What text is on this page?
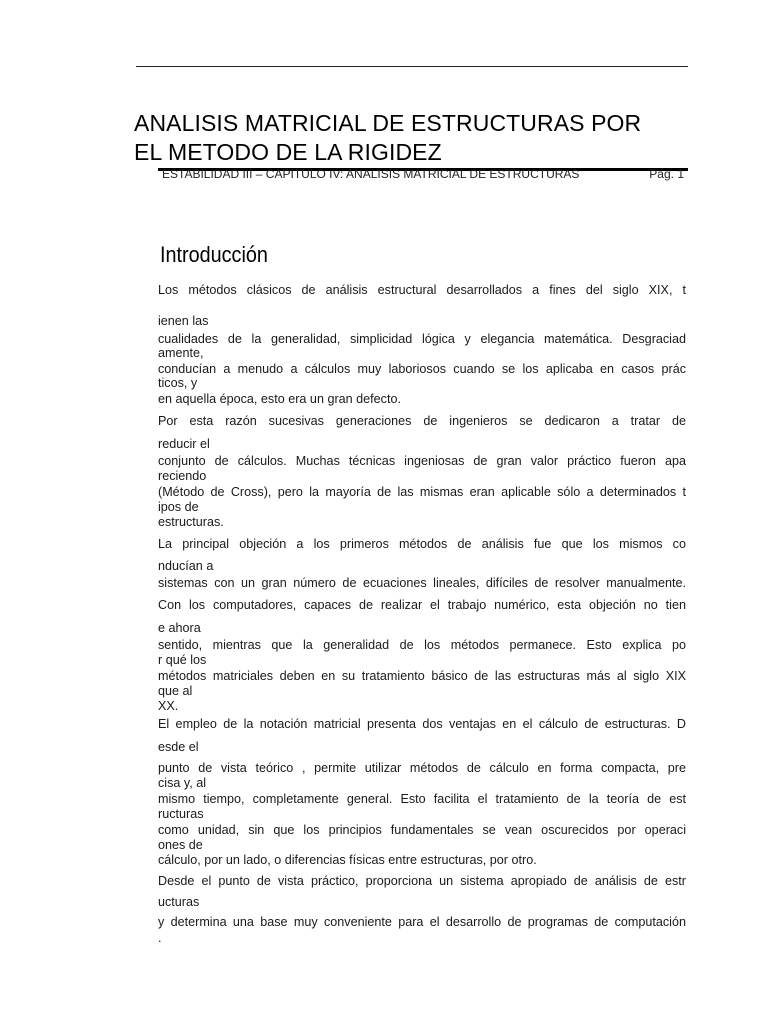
ANALISIS MATRICIAL DE ESTRUCTURAS POR
EL METODO DE LA RIGIDEZ
ESTABILIDAD III – CAPITULO IV: ANALISIS MATRICIAL DE ESTRUCTURAS	Pág. 1
Introducción
Los métodos clásicos de análisis estructural desarrollados a fines del siglo XIX, t
ienen las
cualidades de la generalidad, simplicidad lógica y elegancia matemática. Desgraciad
amente,
conducían a menudo a cálculos muy laboriosos cuando se los aplicaba en casos prác
ticos, y
en aquella época, esto era un gran defecto.
Por esta razón sucesivas generaciones de ingenieros se dedicaron a tratar de
reducir el
conjunto de cálculos. Muchas técnicas ingeniosas de gran valor práctico fueron apa
reciendo
(Método de Cross), pero la mayoría de las mismas eran aplicable sólo a determinados t
ipos de
estructuras.
La principal objeción a los primeros métodos de análisis fue que los mismos co
nducían a
sistemas con un gran número de ecuaciones lineales, difíciles de resolver manualmente.
Con los computadores, capaces de realizar el trabajo numérico, esta objeción no tien
e ahora
sentido, mientras que la generalidad de los métodos permanece. Esto explica po
r qué los
métodos matriciales deben en su tratamiento básico de las estructuras más al siglo XIX
que al
XX.
El empleo de la notación matricial presenta dos ventajas en el cálculo de estructuras. D
esde el
punto de vista teórico , permite utilizar métodos de cálculo en forma compacta, pre
cisa y, al
mismo tiempo, completamente general. Esto facilita el tratamiento de la teoría de est
ructuras
como unidad, sin que los principios fundamentales se vean oscurecidos por operaci
ones de
cálculo, por un lado, o diferencias físicas entre estructuras, por otro.
Desde el punto de vista práctico, proporciona un sistema apropiado de análisis de estr
ucturas
y determina una base muy conveniente para el desarrollo de programas de computación
.
